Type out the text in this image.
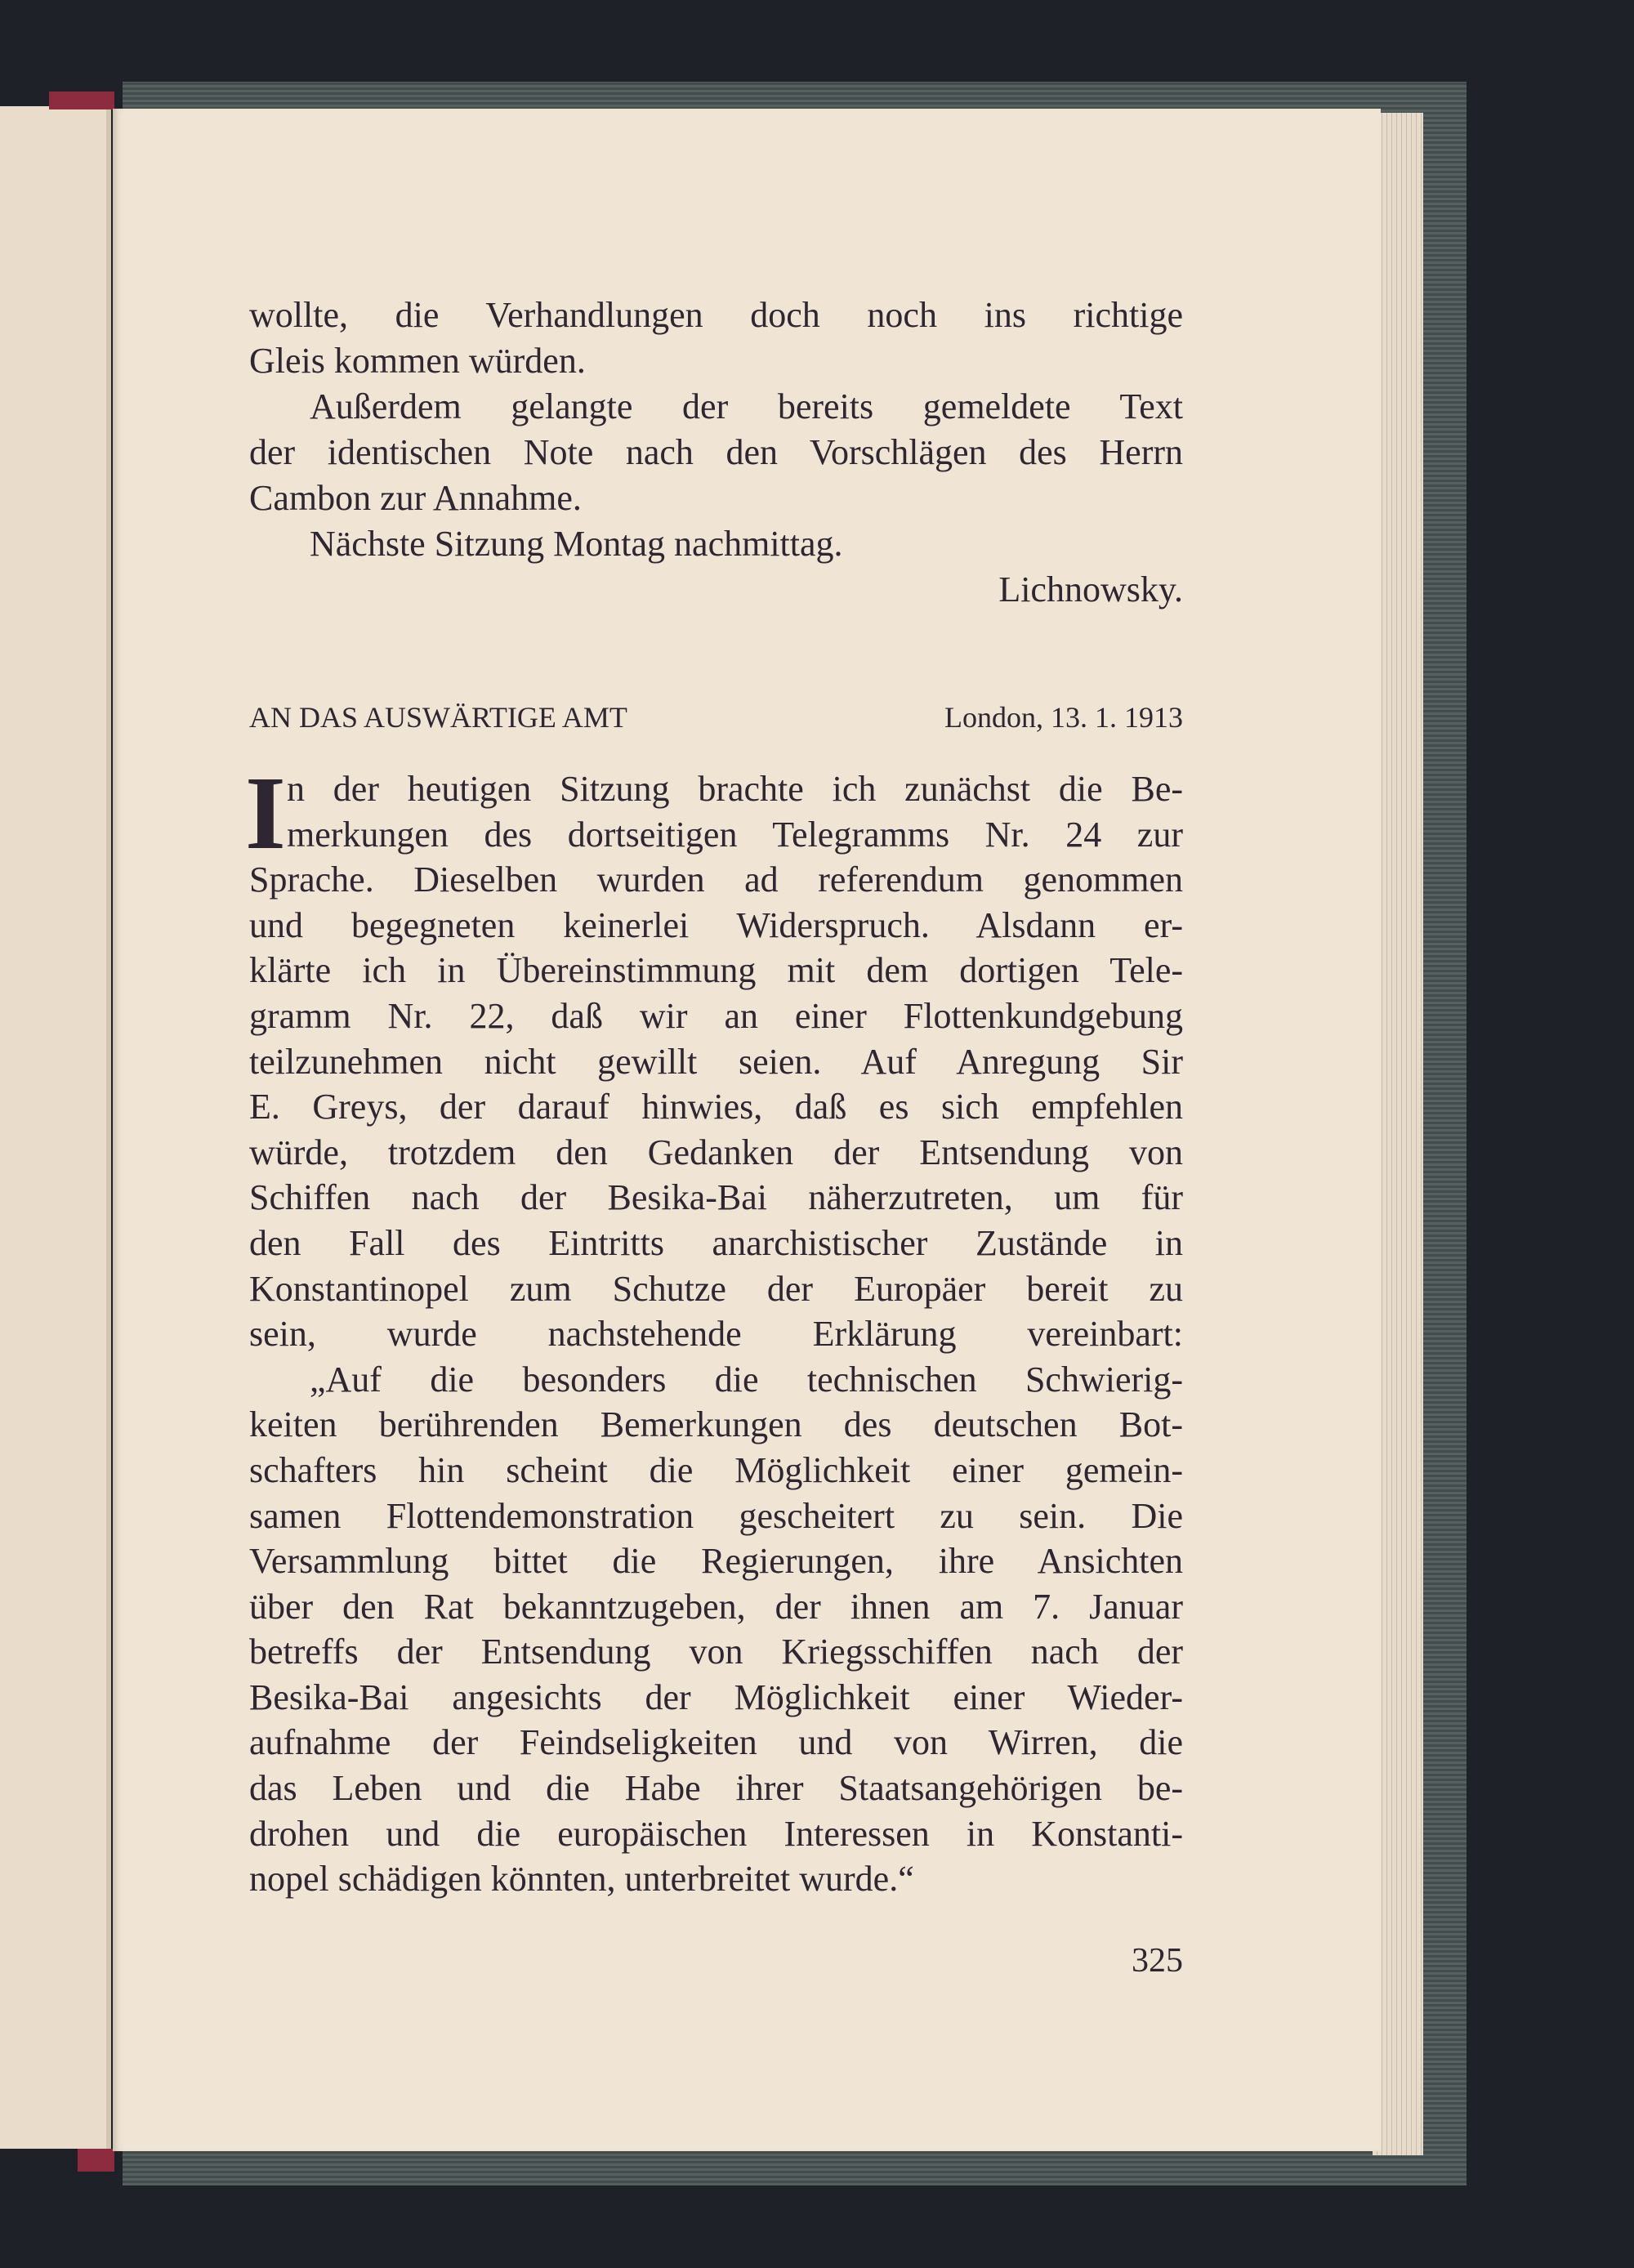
wollte, die Verhandlungen doch noch ins richtige
Gleis kommen würden.
Außerdem gelangte der bereits gemeldete Text
der identischen Note nach den Vorschlägen des Herrn
Cambon zur Annahme.
Nächste Sitzung Montag nachmittag.
Lichnowsky.
AN DAS AUSWÄRTIGE AMT	London, 13. 1. 1913
I n der heutigen Sitzung brachte ich zunächst die Be-
merkungen des dortseitigen Telegramms Nr. 24 zur
Sprache. Dieselben wurden ad referendum genommen
und begegneten keinerlei Widerspruch. Alsdann er-
klärte ich in Übereinstimmung mit dem dortigen Tele-
gramm Nr. 22, daß wir an einer Flottenkundgebung
teilzunehmen nicht gewillt seien. Auf Anregung Sir
E. Greys, der darauf hinwies, daß es sich empfehlen
würde, trotzdem den Gedanken der Entsendung von
Schiffen nach der Besika-Bai näherzutreten, um für
den Fall des Eintritts anarchistischer Zustände in
Konstantinopel zum Schutze der Europäer bereit zu
sein, wurde nachstehende Erklärung vereinbart:
„Auf die besonders die technischen Schwierig-
keiten berührenden Bemerkungen des deutschen Bot-
schafters hin scheint die Möglichkeit einer gemein-
samen Flottendemonstration gescheitert zu sein. Die
Versammlung bittet die Regierungen, ihre Ansichten
über den Rat bekanntzugeben, der ihnen am 7. Januar
betreffs der Entsendung von Kriegsschiffen nach der
Besika-Bai angesichts der Möglichkeit einer Wieder-
aufnahme der Feindseligkeiten und von Wirren, die
das Leben und die Habe ihrer Staatsangehörigen be-
drohen und die europäischen Interessen in Konstanti-
nopel schädigen könnten, unterbreitet wurde.“
325
